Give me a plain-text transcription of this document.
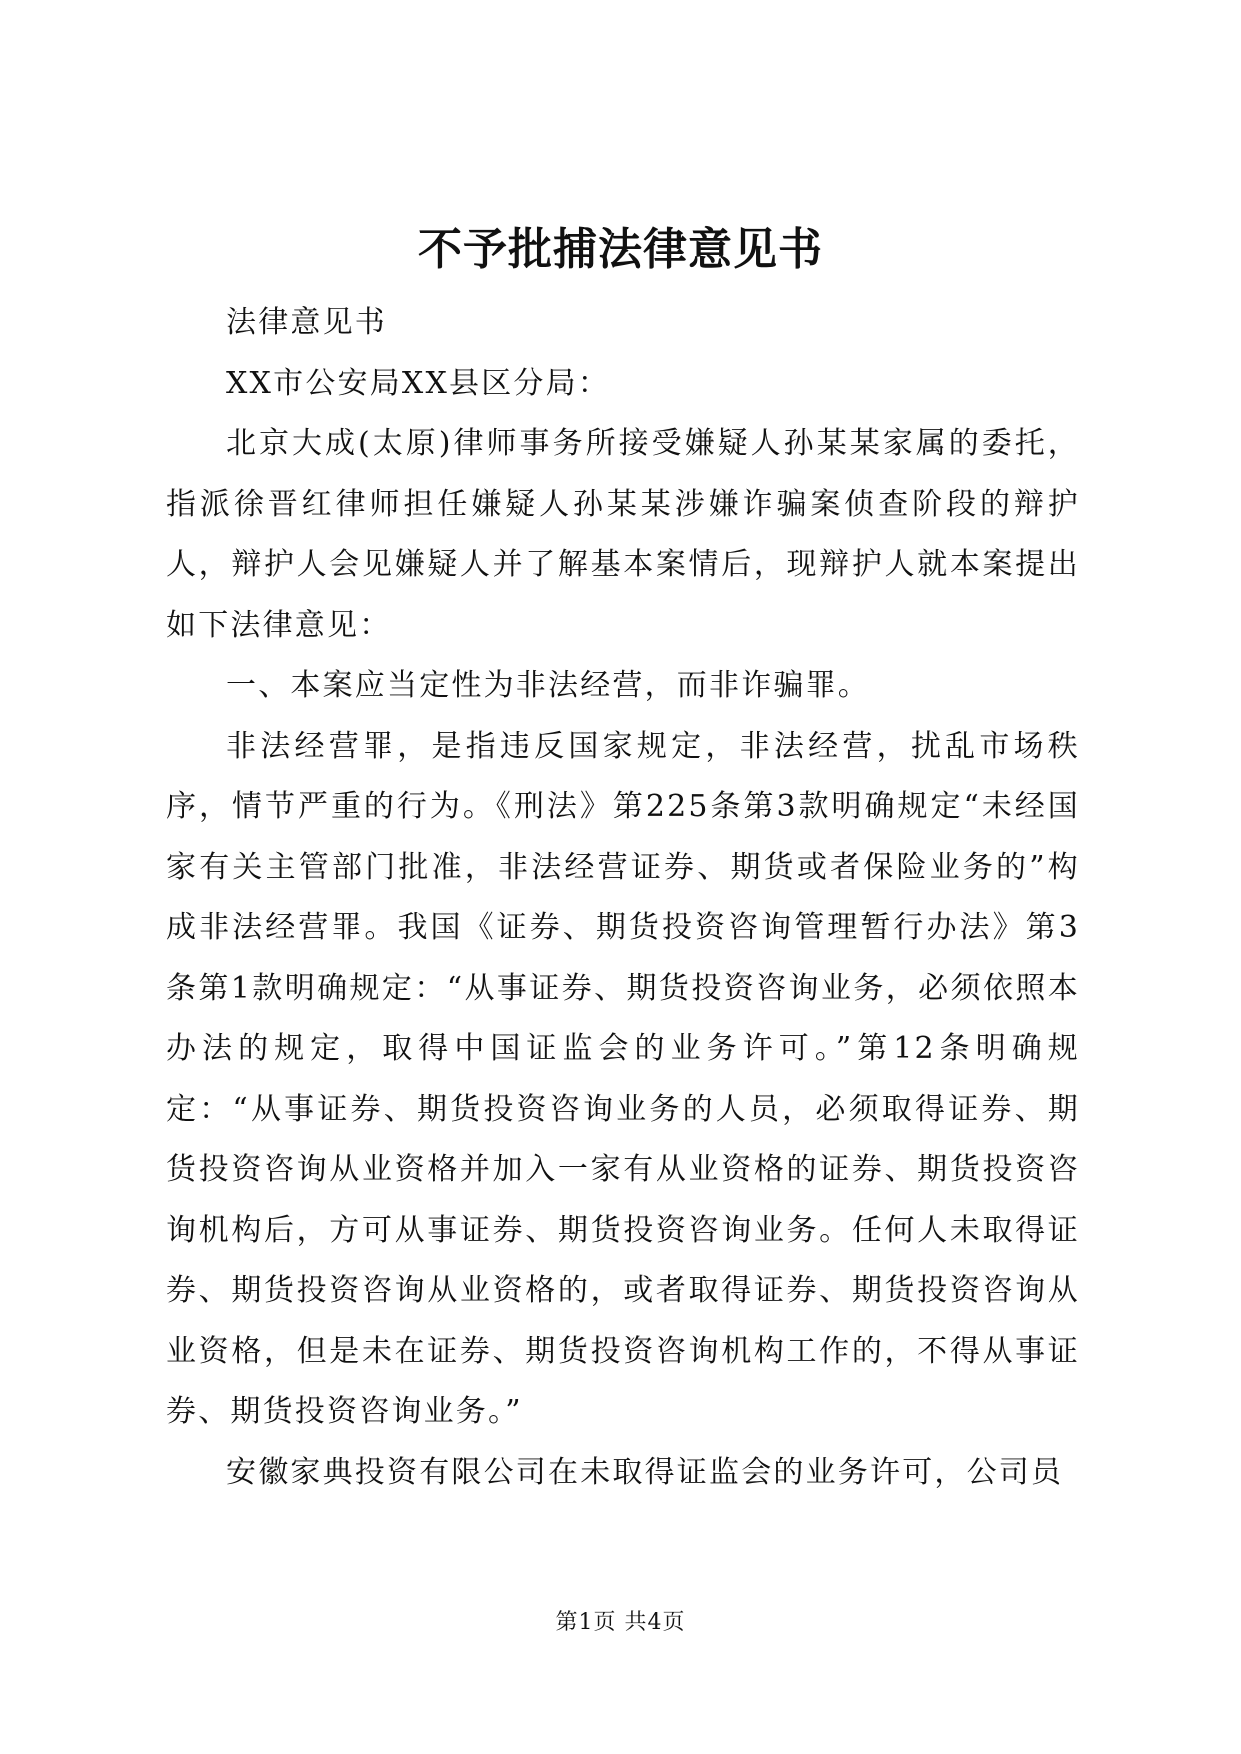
不予批捕法律意见书

法律意见书

XX市公安局XX县区分局：

北京大成(太原)律师事务所接受嫌疑人孙某某家属的委托，指派徐晋红律师担任嫌疑人孙某某涉嫌诈骗案侦查阶段的辩护人，辩护人会见嫌疑人并了解基本案情后，现辩护人就本案提出如下法律意见：

一、本案应当定性为非法经营，而非诈骗罪。

非法经营罪，是指违反国家规定，非法经营，扰乱市场秩序，情节严重的行为。《刑法》第225条第3款明确规定“未经国家有关主管部门批准，非法经营证券、期货或者保险业务的”构成非法经营罪。我国《证券、期货投资咨询管理暂行办法》第3条第1款明确规定：“从事证券、期货投资咨询业务，必须依照本办法的规定，取得中国证监会的业务许可。”第12条明确规定：“从事证券、期货投资咨询业务的人员，必须取得证券、期货投资咨询从业资格并加入一家有从业资格的证券、期货投资咨询机构后，方可从事证券、期货投资咨询业务。任何人未取得证券、期货投资咨询从业资格的，或者取得证券、期货投资咨询从业资格，但是未在证券、期货投资咨询机构工作的，不得从事证券、期货投资咨询业务。”

安徽家典投资有限公司在未取得证监会的业务许可，公司员

第1页 共4页
